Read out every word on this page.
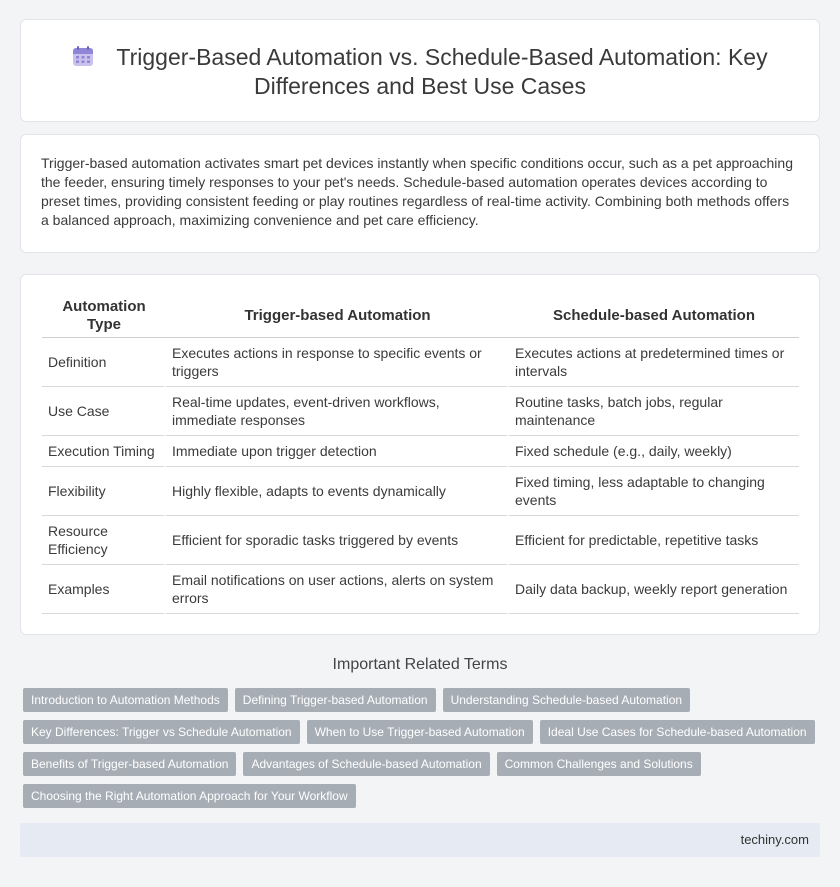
Trigger-Based Automation vs. Schedule-Based Automation: Key Differences and Best Use Cases

Trigger-based automation activates smart pet devices instantly when specific conditions occur, such as a pet approaching the feeder, ensuring timely responses to your pet's needs. Schedule-based automation operates devices according to preset times, providing consistent feeding or play routines regardless of real-time activity. Combining both methods offers a balanced approach, maximizing convenience and pet care efficiency.

Automation Type	Trigger-based Automation	Schedule-based Automation
Definition	Executes actions in response to specific events or triggers	Executes actions at predetermined times or intervals
Use Case	Real-time updates, event-driven workflows, immediate responses	Routine tasks, batch jobs, regular maintenance
Execution Timing	Immediate upon trigger detection	Fixed schedule (e.g., daily, weekly)
Flexibility	Highly flexible, adapts to events dynamically	Fixed timing, less adaptable to changing events
Resource Efficiency	Efficient for sporadic tasks triggered by events	Efficient for predictable, repetitive tasks
Examples	Email notifications on user actions, alerts on system errors	Daily data backup, weekly report generation
Important Related Terms
Introduction to Automation Methods	Defining Trigger-based Automation	Understanding Schedule-based Automation
Key Differences: Trigger vs Schedule Automation	When to Use Trigger-based Automation	Ideal Use Cases for Schedule-based Automation
Benefits of Trigger-based Automation	Advantages of Schedule-based Automation	Common Challenges and Solutions
Choosing the Right Automation Approach for Your Workflow
techiny.com
